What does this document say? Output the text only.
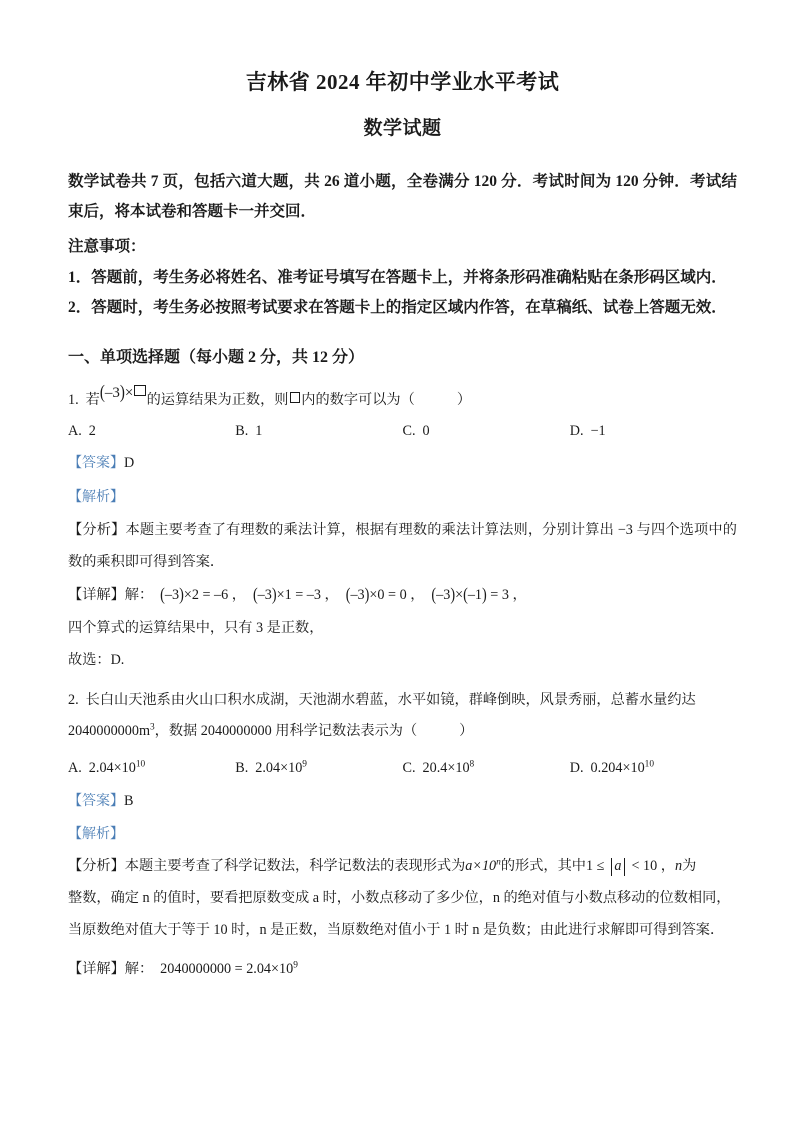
吉林省 2024 年初中学业水平考试
数学试题

数学试卷共 7 页，包括六道大题，共 26 道小题，全卷满分 120 分．考试时间为 120 分钟．考试结束后，将本试卷和答题卡一并交回．

注意事项：

1．答题前，考生务必将姓名、准考证号填写在答题卡上，并将条形码准确粘贴在条形码区域内．

2．答题时，考生务必按照考试要求在答题卡上的指定区域内作答，在草稿纸、试卷上答题无效．

一、单项选择题（每小题 2 分，共 12 分）

1. 若(–3)× 的运算结果为正数，则 内的数字可以为（	）

A. 2	B. 1	C. 0	D. −1

【答案】D

【解析】

【分析】本题主要考查了有理数的乘法计算，根据有理数的乘法计算法则，分别计算出 −3 与四个选项中的数的乘积即可得到答案．

【详解】解： (–3)×2 = –6 ， (–3)×1 = –3 ， (–3)×0 = 0 ， (–3)×(–1) = 3 ，

四个算式的运算结果中，只有 3 是正数，

故选：D.

2. 长白山天池系由火山口积水成湖，天池湖水碧蓝，水平如镜，群峰倒映，风景秀丽，总蓄水量约达

$2040000000m^3$，数据 2040000000 用科学记数法表示为（	）

A. $2.04\times 10^{10}$	B. $2.04\times 10^9$	C. $20.4\times 10^8$	D. $0.204\times 10^{10}$

【答案】B

【解析】

【分析】本题主要考查了科学记数法，科学记数法的表现形式为$a\times 10^n$的形式，其中1 ≤ a < 10 ，n为

整数，确定 n 的值时，要看把原数变成 a 时，小数点移动了多少位，n 的绝对值与小数点移动的位数相同，

当原数绝对值大于等于 10 时，n 是正数，当原数绝对值小于 1 时 n 是负数；由此进行求解即可得到答案．

【详解】解： $2040000000 = 2.04\times 10^9$
